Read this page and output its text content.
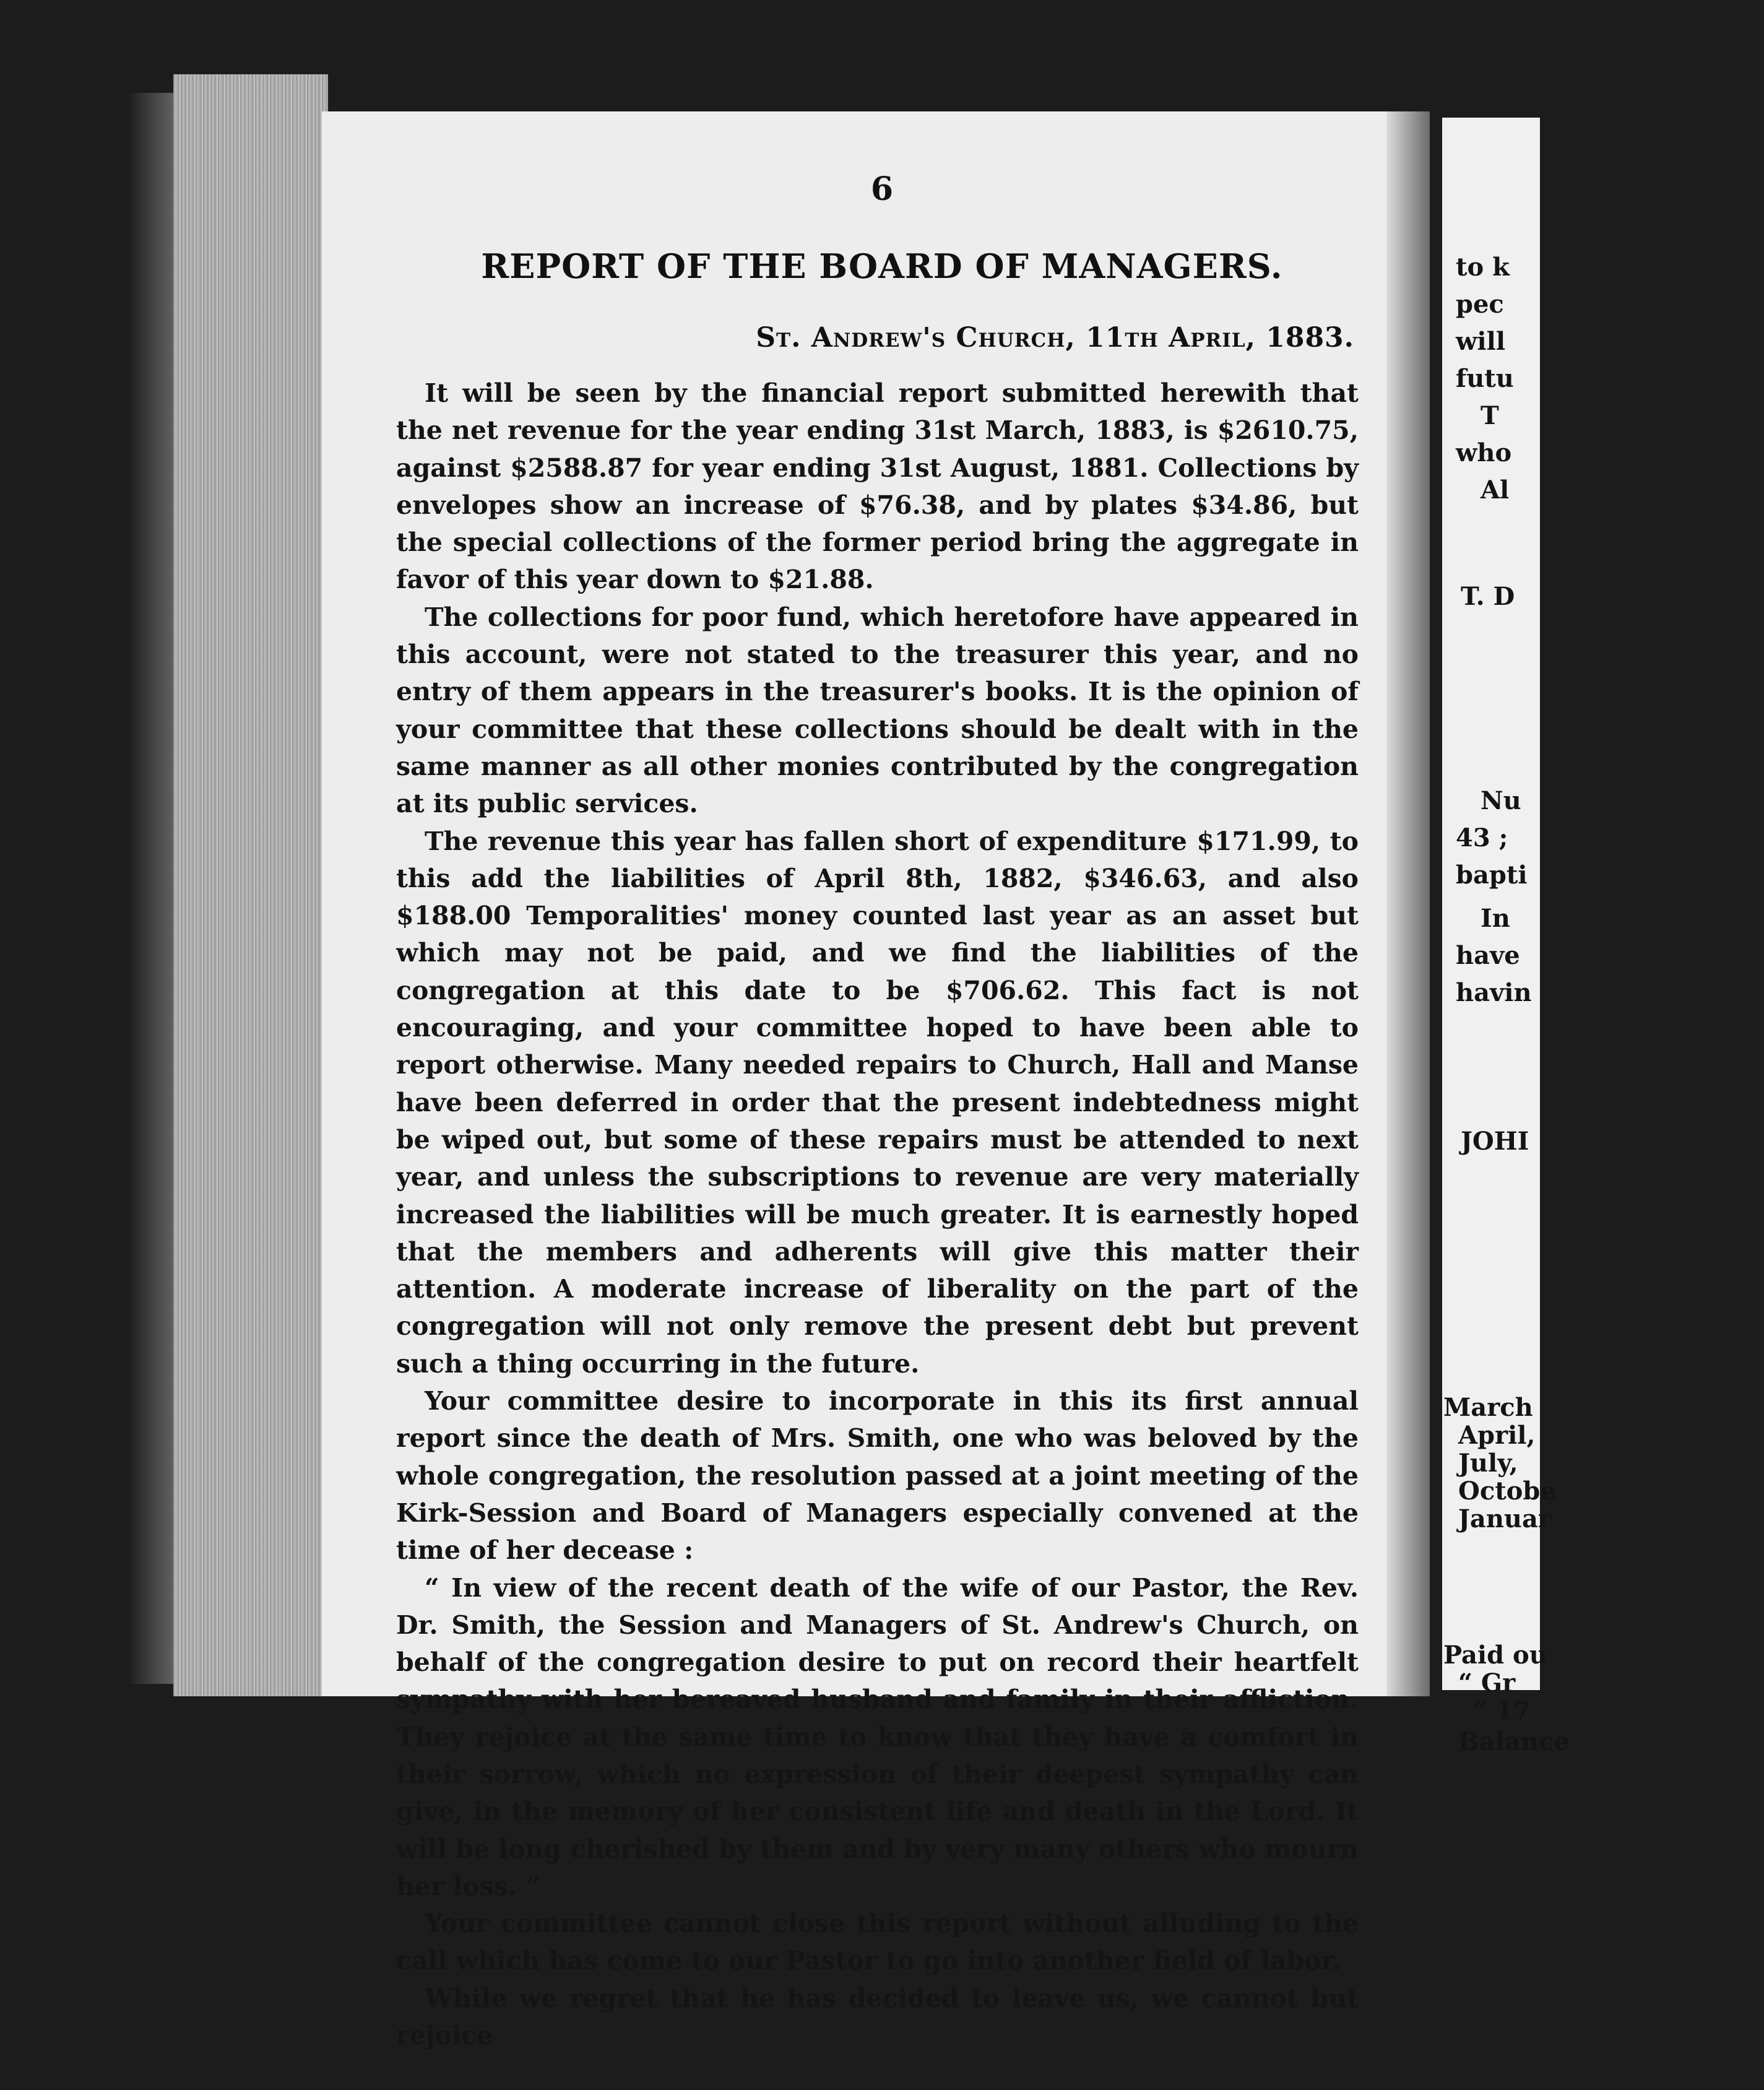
6
REPORT OF THE BOARD OF MANAGERS.
St. Andrew's Church, 11th April, 1883.

It will be seen by the financial report submitted herewith that the net revenue for the year ending 31st March, 1883, is $2610.75, against $2588.87 for year ending 31st August, 1881. Collections by envelopes show an increase of $76.38, and by plates $34.86, but the special collections of the former period bring the aggregate in favor of this year down to $21.88.

The collections for poor fund, which heretofore have appeared in this account, were not stated to the treasurer this year, and no entry of them appears in the treasurer's books. It is the opinion of your committee that these collections should be dealt with in the same manner as all other monies contributed by the congregation at its public services.

The revenue this year has fallen short of expenditure $171.99, to this add the liabilities of April 8th, 1882, $346.63, and also $188.00 Temporalities' money counted last year as an asset but which may not be paid, and we find the liabilities of the congregation at this date to be $706.62. This fact is not encouraging, and your committee hoped to have been able to report otherwise. Many needed repairs to Church, Hall and Manse have been deferred in order that the present indebtedness might be wiped out, but some of these repairs must be attended to next year, and unless the subscriptions to revenue are very materially increased the liabilities will be much greater. It is earnestly hoped that the members and adherents will give this matter their attention. A moderate increase of liberality on the part of the congregation will not only remove the present debt but prevent such a thing occurring in the future.

Your committee desire to incorporate in this its first annual report since the death of Mrs. Smith, one who was beloved by the whole congregation, the resolution passed at a joint meeting of the Kirk-Session and Board of Managers especially convened at the time of her decease :

“ In view of the recent death of the wife of our Pastor, the Rev. Dr. Smith, the Session and Managers of St. Andrew's Church, on behalf of the congregation desire to put on record their heartfelt sympathy with her bereaved husband and family in their affliction. They rejoice at the same time to know that they have a comfort in their sorrow, which no expression of their deepest sympathy can give, in the memory of her consistent life and death in the Lord. It will be long cherished by them and by very many others who mourn her loss. ”

Your committee cannot close this report without alluding to the call which has come to our Pastor to go into another field of labor.

While we regret that he has decided to leave us, we cannot but rejoice

to k
pec
will
futu
T
who
Al
T. D
Nu
43 ;
bapti
In
have
havin
JOHI
March
April,
July,
Octobe
Januar
Paid ou
“ Gr
“ 17
Balance
